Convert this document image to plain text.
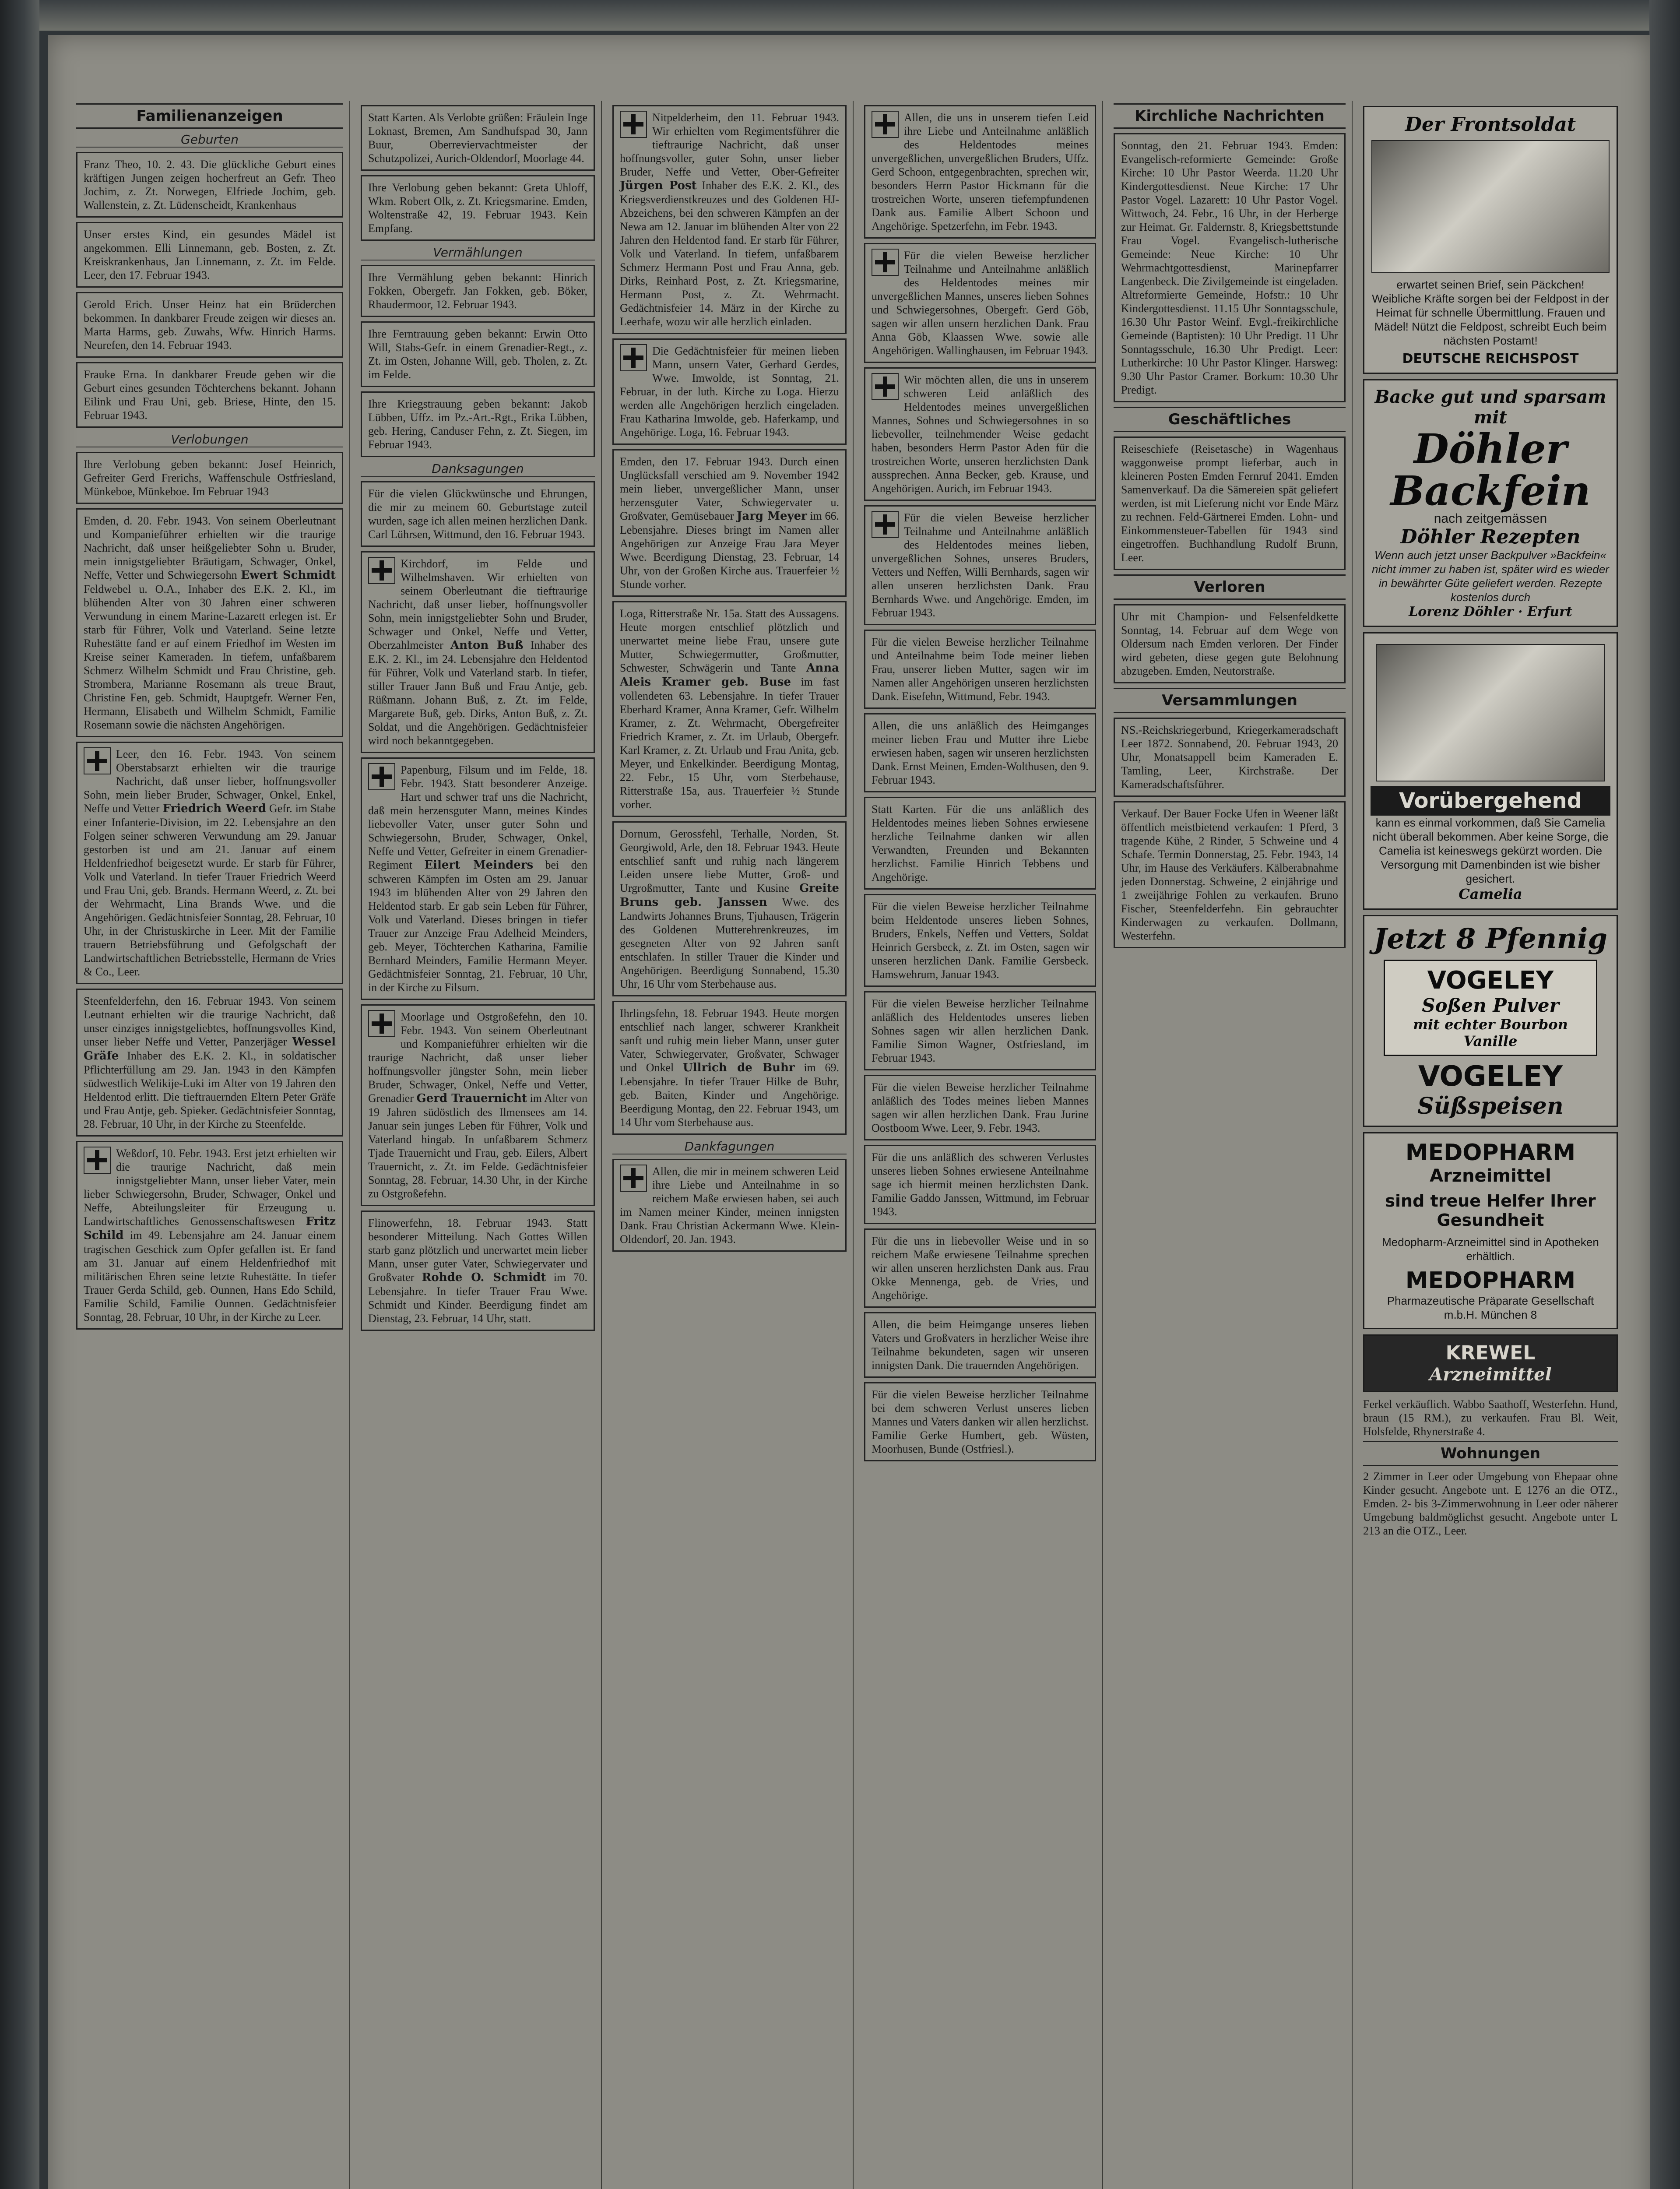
Familienanzeigen
Geburten

Franz Theo, 10. 2. 43. Die glückliche Geburt eines kräftigen Jungen zeigen hocherfreut an Gefr. Theo Jochim, z. Zt. Norwegen, Elfriede Jochim, geb. Wallenstein, z. Zt. Lüdenscheidt, Krankenhaus

Unser erstes Kind, ein gesundes Mädel ist angekommen. Elli Linnemann, geb. Bosten, z. Zt. Kreiskrankenhaus, Jan Linnemann, z. Zt. im Felde. Leer, den 17. Februar 1943.

Gerold Erich. Unser Heinz hat ein Brüderchen bekommen. In dankbarer Freude zeigen wir dieses an. Marta Harms, geb. Zuwahs, Wfw. Hinrich Harms. Neurefen, den 14. Februar 1943.

Frauke Erna. In dankbarer Freude geben wir die Geburt eines gesunden Töchterchens bekannt. Johann Eilink und Frau Uni, geb. Briese, Hinte, den 15. Februar 1943.

Verlobungen

Ihre Verlobung geben bekannt: Josef Heinrich, Gefreiter Gerd Frerichs, Waffenschule Ostfriesland, Münkeboe, Münkeboe. Im Februar 1943

Emden, d. 20. Febr. 1943. Von seinem Oberleutnant und Kompanieführer erhielten wir die traurige Nachricht, daß unser heißgeliebter Sohn u. Bruder, mein innigstgeliebter Bräutigam, Schwager, Onkel, Neffe, Vetter und Schwiegersohn Ewert Schmidt Feldwebel u. O.A., Inhaber des E.K. 2. Kl., im blühenden Alter von 30 Jahren einer schweren Verwundung in einem Marine-Lazarett erlegen ist. Er starb für Führer, Volk und Vaterland. Seine letzte Ruhestätte fand er auf einem Friedhof im Westen im Kreise seiner Kameraden. In tiefem, unfaßbarem Schmerz Wilhelm Schmidt und Frau Christine, geb. Strombera, Marianne Rosemann als treue Braut, Christine Fen, geb. Schmidt, Hauptgefr. Werner Fen, Hermann, Elisabeth und Wilhelm Schmidt, Familie Rosemann sowie die nächsten Angehörigen.

Leer, den 16. Febr. 1943. Von seinem Oberstabsarzt erhielten wir die traurige Nachricht, daß unser lieber, hoffnungsvoller Sohn, mein lieber Bruder, Schwager, Onkel, Enkel, Neffe und Vetter Friedrich Weerd Gefr. im Stabe einer Infanterie-Division, im 22. Lebensjahre an den Folgen seiner schweren Verwundung am 29. Januar gestorben ist und am 21. Januar auf einem Heldenfriedhof beigesetzt wurde. Er starb für Führer, Volk und Vaterland. In tiefer Trauer Friedrich Weerd und Frau Uni, geb. Brands. Hermann Weerd, z. Zt. bei der Wehrmacht, Lina Brands Wwe. und die Angehörigen. Gedächtnisfeier Sonntag, 28. Februar, 10 Uhr, in der Christuskirche in Leer. Mit der Familie trauern Betriebsführung und Gefolgschaft der Landwirtschaftlichen Betriebsstelle, Hermann de Vries & Co., Leer.

Steenfelderfehn, den 16. Februar 1943. Von seinem Leutnant erhielten wir die traurige Nachricht, daß unser einziges innigstgeliebtes, hoffnungsvolles Kind, unser lieber Neffe und Vetter, Panzerjäger Wessel Gräfe Inhaber des E.K. 2. Kl., in soldatischer Pflichterfüllung am 29. Jan. 1943 in den Kämpfen südwestlich Welikije-Luki im Alter von 19 Jahren den Heldentod erlitt. Die tieftrauernden Eltern Peter Gräfe und Frau Antje, geb. Spieker. Gedächtnisfeier Sonntag, 28. Februar, 10 Uhr, in der Kirche zu Steenfelde.

Weßdorf, 10. Febr. 1943. Erst jetzt erhielten wir die traurige Nachricht, daß mein innigstgeliebter Mann, unser lieber Vater, mein lieber Schwiegersohn, Bruder, Schwager, Onkel und Neffe, Abteilungsleiter für Erzeugung u. Landwirtschaftliches Genossenschaftswesen Fritz Schild im 49. Lebensjahre am 24. Januar einem tragischen Geschick zum Opfer gefallen ist. Er fand am 31. Januar auf einem Heldenfriedhof mit militärischen Ehren seine letzte Ruhestätte. In tiefer Trauer Gerda Schild, geb. Ounnen, Hans Edo Schild, Familie Schild, Familie Ounnen. Gedächtnisfeier Sonntag, 28. Februar, 10 Uhr, in der Kirche zu Leer.

Statt Karten. Als Verlobte grüßen: Fräulein Inge Loknast, Bremen, Am Sandhufspad 30, Jann Buur, Oberreviervachtmeister der Schutzpolizei, Aurich-Oldendorf, Moorlage 44.

Ihre Verlobung geben bekannt: Greta Uhloff, Wkm. Robert Olk, z. Zt. Kriegsmarine. Emden, Woltenstraße 42, 19. Februar 1943. Kein Empfang.

Vermählungen

Ihre Vermählung geben bekannt: Hinrich Fokken, Obergefr. Jan Fokken, geb. Böker, Rhaudermoor, 12. Februar 1943.

Ihre Ferntrauung geben bekannt: Erwin Otto Will, Stabs-Gefr. in einem Grenadier-Regt., z. Zt. im Osten, Johanne Will, geb. Tholen, z. Zt. im Felde.

Ihre Kriegstrauung geben bekannt: Jakob Lübben, Uffz. im Pz.-Art.-Rgt., Erika Lübben, geb. Hering, Canduser Fehn, z. Zt. Siegen, im Februar 1943.

Danksagungen

Für die vielen Glückwünsche und Ehrungen, die mir zu meinem 60. Geburtstage zuteil wurden, sage ich allen meinen herzlichen Dank. Carl Lührsen, Wittmund, den 16. Februar 1943.

Kirchdorf, im Felde und Wilhelmshaven. Wir erhielten von seinem Oberleutnant die tieftraurige Nachricht, daß unser lieber, hoffnungsvoller Sohn, mein innigstgeliebter Sohn und Bruder, Schwager und Onkel, Neffe und Vetter, Oberzahlmeister Anton Buß Inhaber des E.K. 2. Kl., im 24. Lebensjahre den Heldentod für Führer, Volk und Vaterland starb. In tiefer, stiller Trauer Jann Buß und Frau Antje, geb. Rüßmann. Johann Buß, z. Zt. im Felde, Margarete Buß, geb. Dirks, Anton Buß, z. Zt. Soldat, und die Angehörigen. Gedächtnisfeier wird noch bekanntgegeben.

Papenburg, Filsum und im Felde, 18. Febr. 1943. Statt besonderer Anzeige. Hart und schwer traf uns die Nachricht, daß mein herzensguter Mann, meines Kindes liebevoller Vater, unser guter Sohn und Schwiegersohn, Bruder, Schwager, Onkel, Neffe und Vetter, Gefreiter in einem Grenadier-Regiment Eilert Meinders bei den schweren Kämpfen im Osten am 29. Januar 1943 im blühenden Alter von 29 Jahren den Heldentod starb. Er gab sein Leben für Führer, Volk und Vaterland. Dieses bringen in tiefer Trauer zur Anzeige Frau Adelheid Meinders, geb. Meyer, Töchterchen Katharina, Familie Bernhard Meinders, Familie Hermann Meyer. Gedächtnisfeier Sonntag, 21. Februar, 10 Uhr, in der Kirche zu Filsum.

Moorlage und Ostgroßefehn, den 10. Febr. 1943. Von seinem Oberleutnant und Kompanieführer erhielten wir die traurige Nachricht, daß unser lieber hoffnungsvoller jüngster Sohn, mein lieber Bruder, Schwager, Onkel, Neffe und Vetter, Grenadier Gerd Trauernicht im Alter von 19 Jahren südöstlich des Ilmensees am 14. Januar sein junges Leben für Führer, Volk und Vaterland hingab. In unfaßbarem Schmerz Tjade Trauernicht und Frau, geb. Eilers, Albert Trauernicht, z. Zt. im Felde. Gedächtnisfeier Sonntag, 28. Februar, 14.30 Uhr, in der Kirche zu Ostgroßefehn.

Flinowerfehn, 18. Februar 1943. Statt besonderer Mitteilung. Nach Gottes Willen starb ganz plötzlich und unerwartet mein lieber Mann, unser guter Vater, Schwiegervater und Großvater Rohde O. Schmidt im 70. Lebensjahre. In tiefer Trauer Frau Wwe. Schmidt und Kinder. Beerdigung findet am Dienstag, 23. Februar, 14 Uhr, statt.

Nitpelderheim, den 11. Februar 1943. Wir erhielten vom Regimentsführer die tieftraurige Nachricht, daß unser hoffnungsvoller, guter Sohn, unser lieber Bruder, Neffe und Vetter, Ober-Gefreiter Jürgen Post Inhaber des E.K. 2. Kl., des Kriegsverdienstkreuzes und des Goldenen HJ-Abzeichens, bei den schweren Kämpfen an der Newa am 12. Januar im blühenden Alter von 22 Jahren den Heldentod fand. Er starb für Führer, Volk und Vaterland. In tiefem, unfaßbarem Schmerz Hermann Post und Frau Anna, geb. Dirks, Reinhard Post, z. Zt. Kriegsmarine, Hermann Post, z. Zt. Wehrmacht. Gedächtnisfeier 14. März in der Kirche zu Leerhafe, wozu wir alle herzlich einladen.

Die Gedächtnisfeier für meinen lieben Mann, unsern Vater, Gerhard Gerdes, Wwe. Imwolde, ist Sonntag, 21. Februar, in der luth. Kirche zu Loga. Hierzu werden alle Angehörigen herzlich eingeladen. Frau Katharina Imwolde, geb. Haferkamp, und Angehörige. Loga, 16. Februar 1943.

Emden, den 17. Februar 1943. Durch einen Unglücksfall verschied am 9. November 1942 mein lieber, unvergeßlicher Mann, unser herzensguter Vater, Schwiegervater u. Großvater, Gemüsebauer Jarg Meyer im 66. Lebensjahre. Dieses bringt im Namen aller Angehörigen zur Anzeige Frau Jara Meyer Wwe. Beerdigung Dienstag, 23. Februar, 14 Uhr, von der Großen Kirche aus. Trauerfeier ½ Stunde vorher.

Loga, Ritterstraße Nr. 15a. Statt des Aussagens. Heute morgen entschlief plötzlich und unerwartet meine liebe Frau, unsere gute Mutter, Schwiegermutter, Großmutter, Schwester, Schwägerin und Tante Anna Aleis Kramer geb. Buse im fast vollendeten 63. Lebensjahre. In tiefer Trauer Eberhard Kramer, Anna Kramer, Gefr. Wilhelm Kramer, z. Zt. Wehrmacht, Obergefreiter Friedrich Kramer, z. Zt. im Urlaub, Obergefr. Karl Kramer, z. Zt. Urlaub und Frau Anita, geb. Meyer, und Enkelkinder. Beerdigung Montag, 22. Febr., 15 Uhr, vom Sterbehause, Ritterstraße 15a, aus. Trauerfeier ½ Stunde vorher.

Dornum, Gerossfehl, Terhalle, Norden, St. Georgiwold, Arle, den 18. Februar 1943. Heute entschlief sanft und ruhig nach längerem Leiden unsere liebe Mutter, Groß- und Urgroßmutter, Tante und Kusine Greite Bruns geb. Janssen Wwe. des Landwirts Johannes Bruns, Tjuhausen, Trägerin des Goldenen Mutterehrenkreuzes, im gesegneten Alter von 92 Jahren sanft entschlafen. In stiller Trauer die Kinder und Angehörigen. Beerdigung Sonnabend, 15.30 Uhr, 16 Uhr vom Sterbehause aus.

Ihrlingsfehn, 18. Februar 1943. Heute morgen entschlief nach langer, schwerer Krankheit sanft und ruhig mein lieber Mann, unser guter Vater, Schwiegervater, Großvater, Schwager und Onkel Ullrich de Buhr im 69. Lebensjahre. In tiefer Trauer Hilke de Buhr, geb. Baiten, Kinder und Angehörige. Beerdigung Montag, den 22. Februar 1943, um 14 Uhr vom Sterbehause aus.

Dankfagungen

Allen, die mir in meinem schweren Leid ihre Liebe und Anteilnahme in so reichem Maße erwiesen haben, sei auch im Namen meiner Kinder, meinen innigsten Dank. Frau Christian Ackermann Wwe. Klein-Oldendorf, 20. Jan. 1943.

Allen, die uns in unserem tiefen Leid ihre Liebe und Anteilnahme anläßlich des Heldentodes meines unvergeßlichen, unvergeßlichen Bruders, Uffz. Gerd Schoon, entgegenbrachten, sprechen wir, besonders Herrn Pastor Hickmann für die trostreichen Worte, unseren tiefempfundenen Dank aus. Familie Albert Schoon und Angehörige. Spetzerfehn, im Febr. 1943.

Für die vielen Beweise herzlicher Teilnahme und Anteilnahme anläßlich des Heldentodes meines mir unvergeßlichen Mannes, unseres lieben Sohnes und Schwiegersohnes, Obergefr. Gerd Göb, sagen wir allen unsern herzlichen Dank. Frau Anna Göb, Klaassen Wwe. sowie alle Angehörigen. Wallinghausen, im Februar 1943.

Wir möchten allen, die uns in unserem schweren Leid anläßlich des Heldentodes meines unvergeßlichen Mannes, Sohnes und Schwiegersohnes in so liebevoller, teilnehmender Weise gedacht haben, besonders Herrn Pastor Aden für die trostreichen Worte, unseren herzlichsten Dank aussprechen. Anna Becker, geb. Krause, und Angehörigen. Aurich, im Februar 1943.

Für die vielen Beweise herzlicher Teilnahme und Anteilnahme anläßlich des Heldentodes meines lieben, unvergeßlichen Sohnes, unseres Bruders, Vetters und Neffen, Willi Bernhards, sagen wir allen unseren herzlichsten Dank. Frau Bernhards Wwe. und Angehörige. Emden, im Februar 1943.

Für die vielen Beweise herzlicher Teilnahme und Anteilnahme beim Tode meiner lieben Frau, unserer lieben Mutter, sagen wir im Namen aller Angehörigen unseren herzlichsten Dank. Eisefehn, Wittmund, Febr. 1943.

Allen, die uns anläßlich des Heimganges meiner lieben Frau und Mutter ihre Liebe erwiesen haben, sagen wir unseren herzlichsten Dank. Ernst Meinen, Emden-Wolthusen, den 9. Februar 1943.

Statt Karten. Für die uns anläßlich des Heldentodes meines lieben Sohnes erwiesene herzliche Teilnahme danken wir allen Verwandten, Freunden und Bekannten herzlichst. Familie Hinrich Tebbens und Angehörige.

Für die vielen Beweise herzlicher Teilnahme beim Heldentode unseres lieben Sohnes, Bruders, Enkels, Neffen und Vetters, Soldat Heinrich Gersbeck, z. Zt. im Osten, sagen wir unseren herzlichen Dank. Familie Gersbeck. Hamswehrum, Januar 1943.

Für die vielen Beweise herzlicher Teilnahme anläßlich des Heldentodes unseres lieben Sohnes sagen wir allen herzlichen Dank. Familie Simon Wagner, Ostfriesland, im Februar 1943.

Für die vielen Beweise herzlicher Teilnahme anläßlich des Todes meines lieben Mannes sagen wir allen herzlichen Dank. Frau Jurine Oostboom Wwe. Leer, 9. Febr. 1943.

Für die uns anläßlich des schweren Verlustes unseres lieben Sohnes erwiesene Anteilnahme sage ich hiermit meinen herzlichsten Dank. Familie Gaddo Janssen, Wittmund, im Februar 1943.

Für die uns in liebevoller Weise und in so reichem Maße erwiesene Teilnahme sprechen wir allen unseren herzlichsten Dank aus. Frau Okke Mennenga, geb. de Vries, und Angehörige.

Allen, die beim Heimgange unseres lieben Vaters und Großvaters in herzlicher Weise ihre Teilnahme bekundeten, sagen wir unseren innigsten Dank. Die trauernden Angehörigen.

Für die vielen Beweise herzlicher Teilnahme bei dem schweren Verlust unseres lieben Mannes und Vaters danken wir allen herzlichst. Familie Gerke Humbert, geb. Wüsten, Moorhusen, Bunde (Ostfriesl.).

Kirchliche Nachrichten

Sonntag, den 21. Februar 1943. Emden: Evangelisch-reformierte Gemeinde: Große Kirche: 10 Uhr Pastor Weerda. 11.20 Uhr Kindergottesdienst. Neue Kirche: 17 Uhr Pastor Vogel. Lazarett: 10 Uhr Pastor Vogel. Wittwoch, 24. Febr., 16 Uhr, in der Herberge zur Heimat. Gr. Faldernstr. 8, Kriegsbettstunde Frau Vogel. Evangelisch-lutherische Gemeinde: Neue Kirche: 10 Uhr Wehrmachtgottesdienst, Marinepfarrer Langenbeck. Die Zivilgemeinde ist eingeladen. Altreformierte Gemeinde, Hofstr.: 10 Uhr Kindergottesdienst. 11.15 Uhr Sonntagsschule, 16.30 Uhr Pastor Weinf. Evgl.-freikirchliche Gemeinde (Baptisten): 10 Uhr Predigt. 11 Uhr Sonntagsschule, 16.30 Uhr Predigt. Leer: Lutherkirche: 10 Uhr Pastor Klinger. Harsweg: 9.30 Uhr Pastor Cramer. Borkum: 10.30 Uhr Predigt.

Geschäftliches

Reiseschiefe (Reisetasche) in Wagenhaus waggonweise prompt lieferbar, auch in kleineren Posten Emden Fernruf 2041. Emden Samenverkauf. Da die Sämereien spät geliefert werden, ist mit Lieferung nicht vor Ende März zu rechnen. Feld-Gärtnerei Emden. Lohn- und Einkommensteuer-Tabellen für 1943 sind eingetroffen. Buchhandlung Rudolf Brunn, Leer.

Verloren

Uhr mit Champion- und Felsenfeldkette Sonntag, 14. Februar auf dem Wege von Oldersum nach Emden verloren. Der Finder wird gebeten, diese gegen gute Belohnung abzugeben. Emden, Neutorstraße.

Versammlungen

NS.-Reichskriegerbund, Kriegerkameradschaft Leer 1872. Sonnabend, 20. Februar 1943, 20 Uhr, Monatsappell beim Kameraden E. Tamling, Leer, Kirchstraße. Der Kameradschaftsführer.

Verkauf. Der Bauer Focke Ufen in Weener läßt öffentlich meistbietend verkaufen: 1 Pferd, 3 tragende Kühe, 2 Rinder, 5 Schweine und 4 Schafe. Termin Donnerstag, 25. Febr. 1943, 14 Uhr, im Hause des Verkäufers. Kälberabnahme jeden Donnerstag. Schweine, 2 einjährige und 1 zweijährige Fohlen zu verkaufen. Bruno Fischer, Steenfelderfehn. Ein gebrauchter Kinderwagen zu verkaufen. Dollmann, Westerfehn.

Der Frontsoldat
erwartet seinen Brief, sein Päckchen! Weibliche Kräfte sorgen bei der Feldpost in der Heimat für schnelle Übermittlung. Frauen und Mädel! Nützt die Feldpost, schreibt Euch beim nächsten Postamt!
DEUTSCHE REICHSPOST
Backe gut und sparsam mit
Döhler
Backfein
nach zeitgemässen
Döhler Rezepten
Wenn auch jetzt unser Backpulver »Backfein« nicht immer zu haben ist, später wird es wieder in bewährter Güte geliefert werden. Rezepte kostenlos durch
Lorenz Döhler · Erfurt
Vorübergehend
kann es einmal vorkommen, daß Sie Camelia nicht überall bekommen. Aber keine Sorge, die Camelia ist keineswegs gekürzt worden. Die Versorgung mit Damenbinden ist wie bisher gesichert.
Camelia
Jetzt 8 Pfennig
VOGELEY
Soßen Pulver
mit echter Bourbon Vanille
VOGELEY
Süßspeisen
MEDOPHARM
Arzneimittel
sind treue Helfer Ihrer Gesundheit
Medopharm-Arzneimittel sind in Apotheken erhältlich.
MEDOPHARM
Pharmazeutische Präparate Gesellschaft m.b.H. München 8
KREWEL
Arzneimittel
Ferkel verkäuflich. Wabbo Saathoff, Westerfehn. Hund, braun (15 RM.), zu verkaufen. Frau Bl. Weit, Holsfelde, Rhynerstraße 4.
Wohnungen
2 Zimmer in Leer oder Umgebung von Ehepaar ohne Kinder gesucht. Angebote unt. E 1276 an die OTZ., Emden. 2- bis 3-Zimmerwohnung in Leer oder näherer Umgebung baldmöglichst gesucht. Angebote unter L 213 an die OTZ., Leer.
